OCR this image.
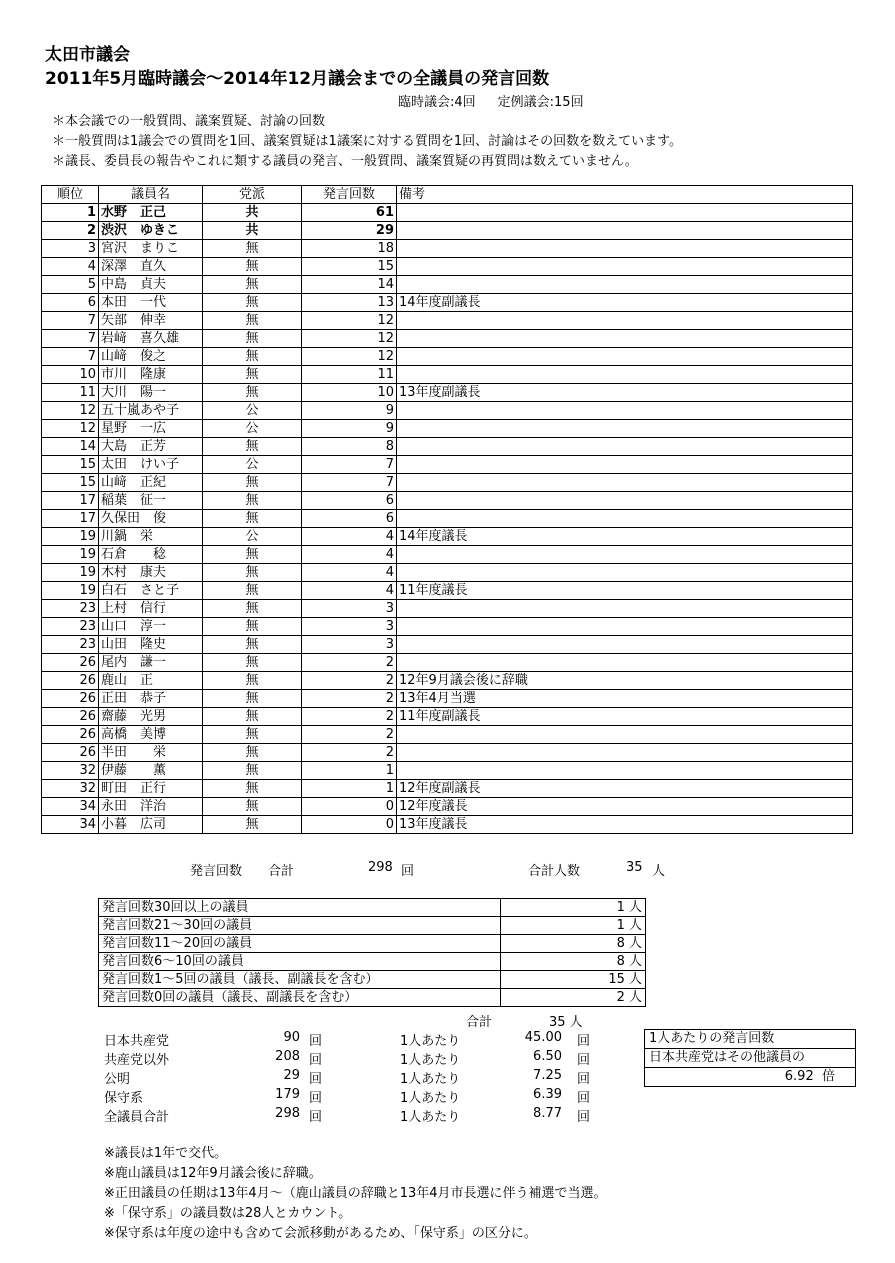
太田市議会
2011年5月臨時議会～2014年12月議会までの全議員の発言回数
臨時議会:4回 定例議会:15回
＊本会議での一般質問、議案質疑、討論の回数
＊一般質問は1議会での質問を1回、議案質疑は1議案に対する質問を1回、討論はその回数を数えています。
＊議長、委員長の報告やこれに類する議員の発言、一般質問、議案質疑の再質問は数えていません。
順位	議員名	党派	発言回数	備考
1	水野　正己	共	61	
2	渋沢　ゆきこ	共	29	
3	宮沢　まりこ	無	18	
4	深澤　直久	無	15	
5	中島　貞夫	無	14	
6	本田　一代	無	13	14年度副議長
7	矢部　伸幸	無	12	
7	岩﨑　喜久雄	無	12	
7	山﨑　俊之	無	12	
10	市川　隆康	無	11	
11	大川　陽一	無	10	13年度副議長
12	五十嵐あや子	公	9	
12	星野　一広	公	9	
14	大島　正芳	無	8	
15	太田　けい子	公	7	
15	山﨑　正紀	無	7	
17	稲葉　征一	無	6	
17	久保田　俊	無	6	
19	川鍋　栄	公	4	14年度議長
19	石倉　　稔	無	4	
19	木村　康夫	無	4	
19	白石　さと子	無	4	11年度議長
23	上村　信行	無	3	
23	山口　淳一	無	3	
23	山田　隆史	無	3	
26	尾内　謙一	無	2	
26	鹿山　正	無	2	12年9月議会後に辞職
26	正田　恭子	無	2	13年4月当選
26	齋藤　光男	無	2	11年度副議長
26	高橋　美博	無	2	
26	半田　　栄	無	2	
32	伊藤　　薫	無	1	
32	町田　正行	無	1	12年度副議長
34	永田　洋治	無	0	12年度議長
34	小暮　広司	無	0	13年度議長
発言回数 合計	298 回	合計人数	35 人
発言回数30回以上の議員	1 人
発言回数21～30回の議員	1 人
発言回数11～20回の議員	8 人
発言回数6～10回の議員	8 人
発言回数1～5回の議員（議長、副議長を含む）	15 人
発言回数0回の議員（議長、副議長を含む）	2 人
合計	35 人
日本共産党	90 回	1人あたり	45.00 回
共産党以外	208 回	1人あたり	6.50 回
公明	29 回	1人あたり	7.25 回
保守系	179 回	1人あたり	6.39 回
全議員合計	298 回	1人あたり	8.77 回
1人あたりの発言回数
日本共産党はその他議員の
6.92 倍
※議長は1年で交代。
※鹿山議員は12年9月議会後に辞職。
※正田議員の任期は13年4月～（鹿山議員の辞職と13年4月市長選に伴う補選で当選。
※「保守系」の議員数は28人とカウント。
※保守系は年度の途中も含めて会派移動があるため、「保守系」の区分に。
